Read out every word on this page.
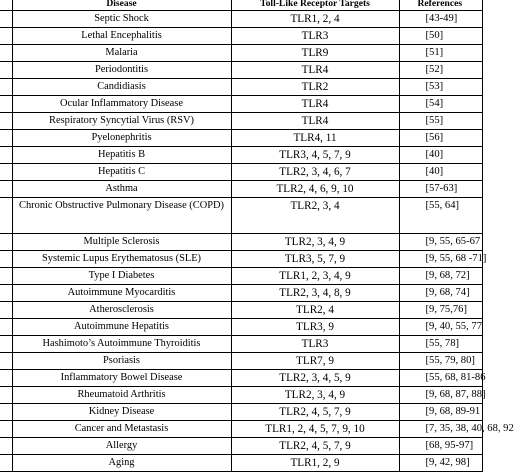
	Disease	Toll-Like Receptor Targets	References
	Septic Shock	TLR1, 2, 4	[43-49]
	Lethal Encephalitis	TLR3	[50]
	Malaria	TLR9	[51]
	Periodontitis	TLR4	[52]
	Candidiasis	TLR2	[53]
	Ocular Inflammatory Disease	TLR4	[54]
	Respiratory Syncytial Virus (RSV)	TLR4	[55]
	Pyelonephritis	TLR4, 11	[56]
	Hepatitis B	TLR3, 4, 5, 7, 9	[40]
	Hepatitis C	TLR2, 3, 4, 6, 7	[40]
	Asthma	TLR2, 4, 6, 9, 10	[57-63]
	Chronic Obstructive Pulmonary Disease (COPD)	TLR2, 3, 4	[55, 64]
	Multiple Sclerosis	TLR2, 3, 4, 9	[9, 55, 65-67
	Systemic Lupus Erythematosus (SLE)	TLR3, 5, 7, 9	[9, 55, 68 -71]
	Type I Diabetes	TLR1, 2, 3, 4, 9	[9, 68, 72]
	Autoimmune Myocarditis	TLR2, 3, 4, 8, 9	[9, 68, 74]
	Atherosclerosis	TLR2, 4	[9, 75,76]
	Autoimmune Hepatitis	TLR3, 9	[9, 40, 55, 77
	Hashimoto’s Autoimmune Thyroiditis	TLR3	[55, 78]
	Psoriasis	TLR7, 9	[55, 79, 80]
	Inflammatory Bowel Disease	TLR2, 3, 4, 5, 9	[55, 68, 81-86
	Rheumatoid Arthritis	TLR2, 3, 4, 9	[9, 68, 87, 88]
	Kidney Disease	TLR2, 4, 5, 7, 9	[9, 68, 89-91
	Cancer and Metastasis	TLR1, 2, 4, 5, 7, 9, 10	[7, 35, 38, 40, 68, 92
	Allergy	TLR2, 4, 5, 7, 9	[68, 95-97]
	Aging	TLR1, 2, 9	[9, 42, 98]
